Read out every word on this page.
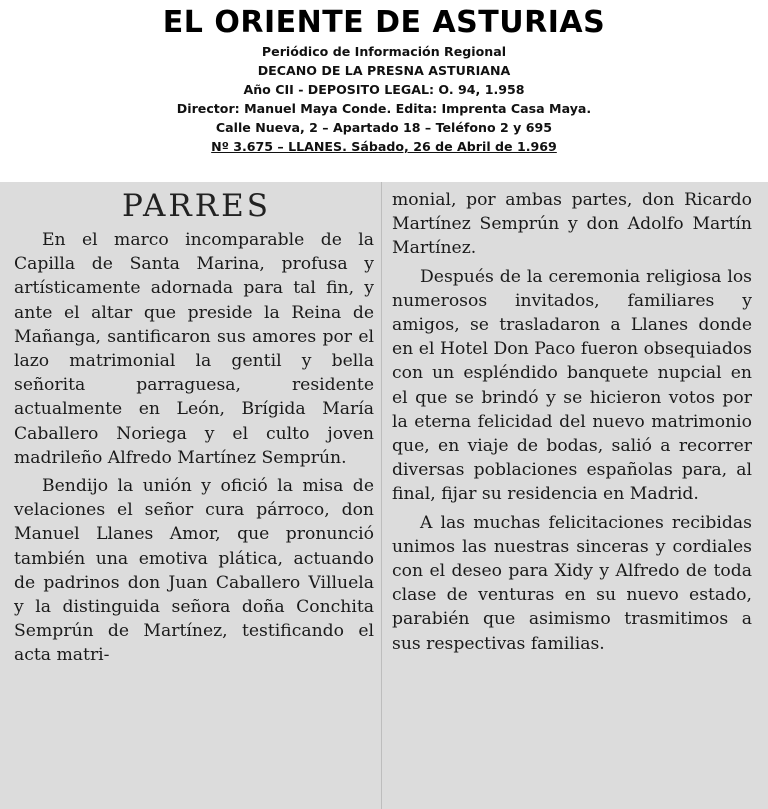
EL ORIENTE DE ASTURIAS
Periódico de Información Regional
DECANO DE LA PRESNA ASTURIANA
Año CII - DEPOSITO LEGAL: O. 94, 1.958
Director: Manuel Maya Conde. Edita: Imprenta Casa Maya.
Calle Nueva, 2 – Apartado 18 – Teléfono 2 y 695
Nº 3.675 – LLANES. Sábado, 26 de Abril de 1.969
PARRES

En el marco incomparable de la Capilla de Santa Marina, profusa y artísticamente adornada para tal fin, y ante el altar que preside la Reina de Mañanga, santificaron sus amores por el lazo matrimonial la gentil y bella señorita parraguesa, residente actualmente en León, Brígida María Caballero Noriega y el culto joven madrileño Alfredo Martínez Semprún.

Bendijo la unión y ofició la misa de velaciones el señor cura párroco, don Manuel Llanes Amor, que pronunció también una emotiva plática, actuando de padrinos don Juan Caballero Villuela y la distinguida señora doña Conchita Semprún de Martínez, testificando el acta matri-

monial, por ambas partes, don Ricardo Martínez Semprún y don Adolfo Martín Martínez.

Después de la ceremonia religiosa los numerosos invitados, familiares y amigos, se trasladaron a Llanes donde en el Hotel Don Paco fueron obsequiados con un espléndido banquete nupcial en el que se brindó y se hicieron votos por la eterna felicidad del nuevo matrimonio que, en viaje de bodas, salió a recorrer diversas poblaciones españolas para, al final, fijar su residencia en Madrid.

A las muchas felicitaciones recibidas unimos las nuestras sinceras y cordiales con el deseo para Xidy y Alfredo de toda clase de venturas en su nuevo estado, parabién que asimismo trasmitimos a sus respectivas familias.
